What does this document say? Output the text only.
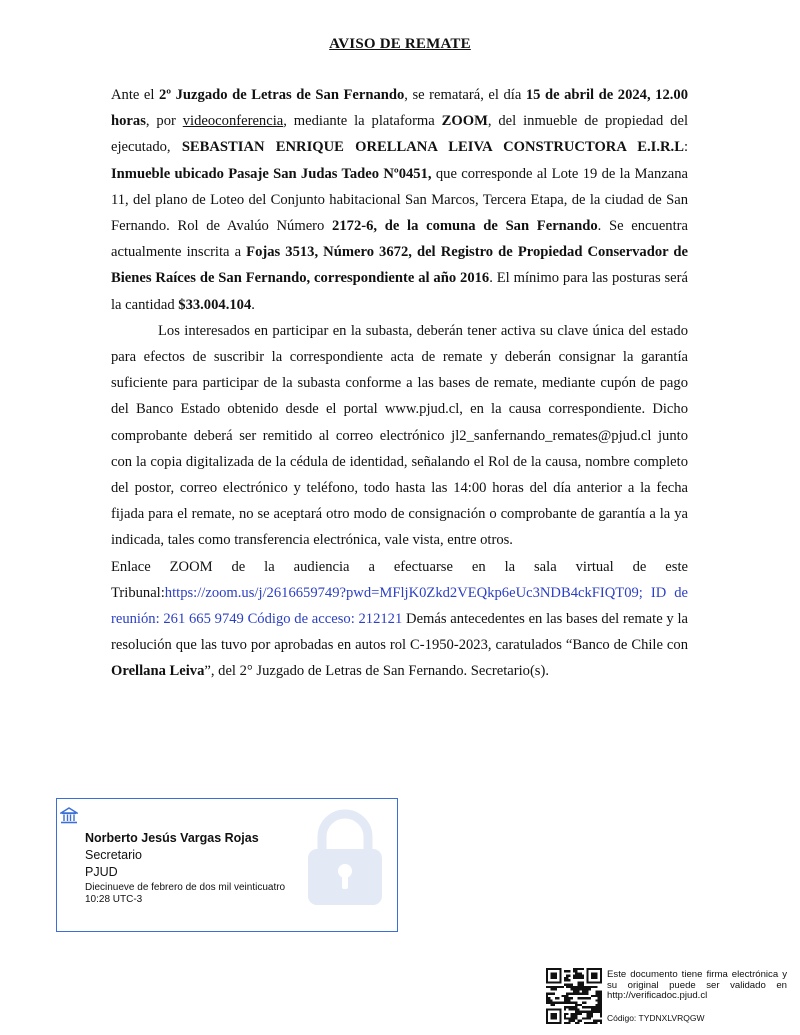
AVISO DE REMATE

Ante el 2º Juzgado de Letras de San Fernando, se rematará, el día 15 de abril de 2024, 12.00 horas, por videoconferencia, mediante la plataforma ZOOM, del inmueble de propiedad del ejecutado, SEBASTIAN ENRIQUE ORELLANA LEIVA CONSTRUCTORA E.I.R.L: Inmueble ubicado Pasaje San Judas Tadeo Nº0451, que corresponde al Lote 19 de la Manzana 11, del plano de Loteo del Conjunto habitacional San Marcos, Tercera Etapa, de la ciudad de San Fernando. Rol de Avalúo Número 2172-6, de la comuna de San Fernando. Se encuentra actualmente inscrita a Fojas 3513, Número 3672, del Registro de Propiedad Conservador de Bienes Raíces de San Fernando, correspondiente al año 2016. El mínimo para las posturas será la cantidad $33.004.104.

Los interesados en participar en la subasta, deberán tener activa su clave única del estado para efectos de suscribir la correspondiente acta de remate y deberán consignar la garantía suficiente para participar de la subasta conforme a las bases de remate, mediante cupón de pago del Banco Estado obtenido desde el portal www.pjud.cl, en la causa correspondiente. Dicho comprobante deberá ser remitido al correo electrónico jl2_sanfernando_remates@pjud.cl junto con la copia digitalizada de la cédula de identidad, señalando el Rol de la causa, nombre completo del postor, correo electrónico y teléfono, todo hasta las 14:00 horas del día anterior a la fecha fijada para el remate, no se aceptará otro modo de consignación o comprobante de garantía a la ya indicada, tales como transferencia electrónica, vale vista, entre otros.

Enlace ZOOM de la audiencia a efectuarse en la sala virtual de este Tribunal:https://zoom.us/j/2616659749?pwd=MFljK0Zkd2VEQkp6eUc3NDB4ckFIQT09; ID de reunión: 261 665 9749 Código de acceso: 212121 Demás antecedentes en las bases del remate y la resolución que las tuvo por aprobadas en autos rol C-1950-2023, caratulados “Banco de Chile con Orellana Leiva”, del 2° Juzgado de Letras de San Fernando. Secretario(s).

Norberto Jesús Vargas Rojas
Secretario
PJUD
Diecinueve de febrero de dos mil veinticuatro
10:28 UTC-3
Este documento tiene firma electrónica y su original puede ser validado en http://verificadoc.pjud.cl
Código: TYDNXLVRQGW
